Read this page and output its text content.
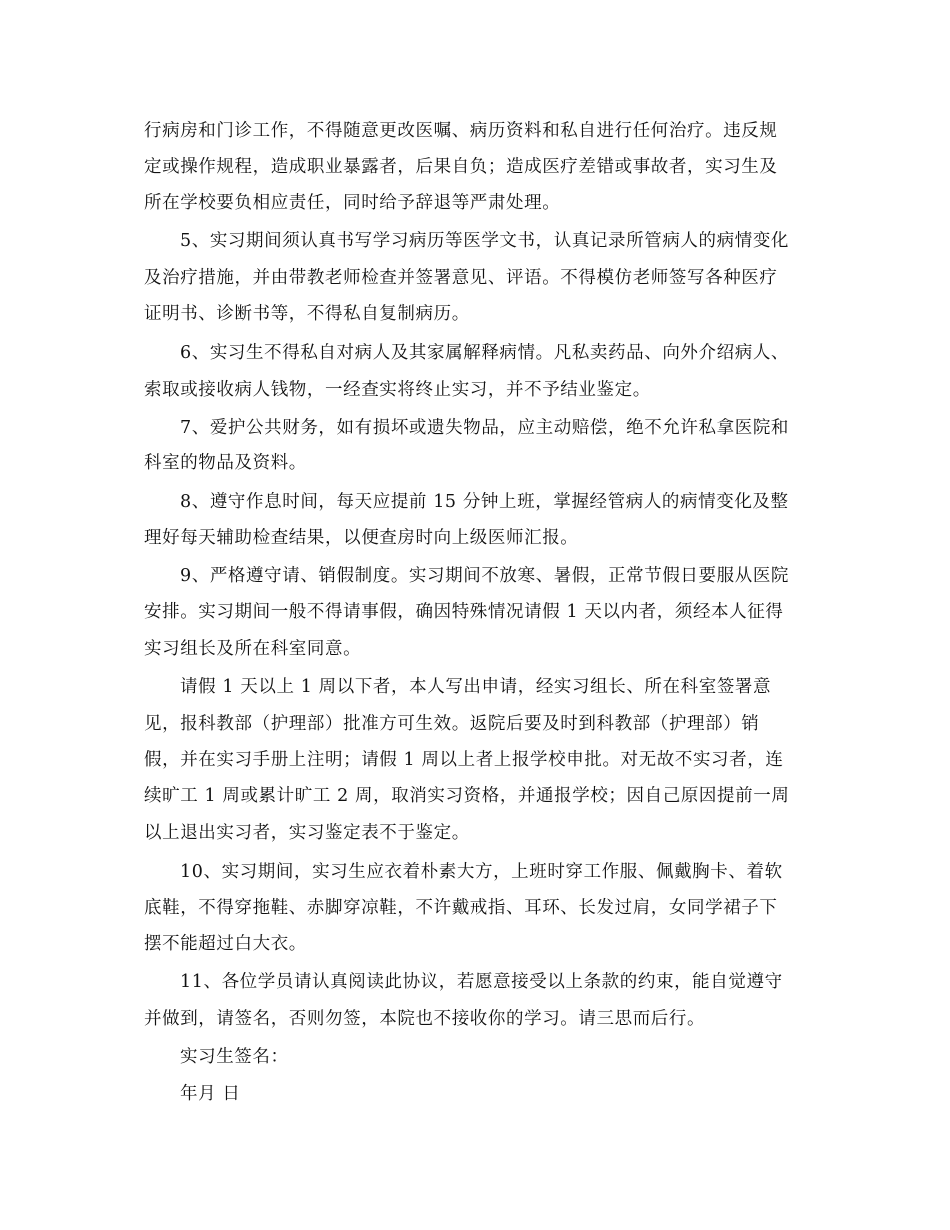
行病房和门诊工作，不得随意更改医嘱、病历资料和私自进行任何治疗。违反规
定或操作规程，造成职业暴露者，后果自负；造成医疗差错或事故者，实习生及
所在学校要负相应责任，同时给予辞退等严肃处理。
5、实习期间须认真书写学习病历等医学文书，认真记录所管病人的病情变化
及治疗措施，并由带教老师检查并签署意见、评语。不得模仿老师签写各种医疗
证明书、诊断书等，不得私自复制病历。
6、实习生不得私自对病人及其家属解释病情。凡私卖药品、向外介绍病人、
索取或接收病人钱物，一经查实将终止实习，并不予结业鉴定。
7、爱护公共财务，如有损坏或遗失物品，应主动赔偿，绝不允许私拿医院和
科室的物品及资料。
8、遵守作息时间，每天应提前 15 分钟上班，掌握经管病人的病情变化及整
理好每天辅助检查结果，以便查房时向上级医师汇报。
9、严格遵守请、销假制度。实习期间不放寒、暑假，正常节假日要服从医院
安排。实习期间一般不得请事假，确因特殊情况请假 1 天以内者，须经本人征得
实习组长及所在科室同意。
请假 1 天以上 1 周以下者，本人写出申请，经实习组长、所在科室签署意
见，报科教部（护理部）批准方可生效。返院后要及时到科教部（护理部）销
假，并在实习手册上注明；请假 1 周以上者上报学校申批。对无故不实习者，连
续旷工 1 周或累计旷工 2 周，取消实习资格，并通报学校；因自己原因提前一周
以上退出实习者，实习鉴定表不于鉴定。
10、实习期间，实习生应衣着朴素大方，上班时穿工作服、佩戴胸卡、着软
底鞋，不得穿拖鞋、赤脚穿凉鞋，不许戴戒指、耳环、长发过肩，女同学裙子下
摆不能超过白大衣。
11、各位学员请认真阅读此协议，若愿意接受以上条款的约束，能自觉遵守
并做到，请签名，否则勿签，本院也不接收你的学习。请三思而后行。
实习生签名：
年月 日
